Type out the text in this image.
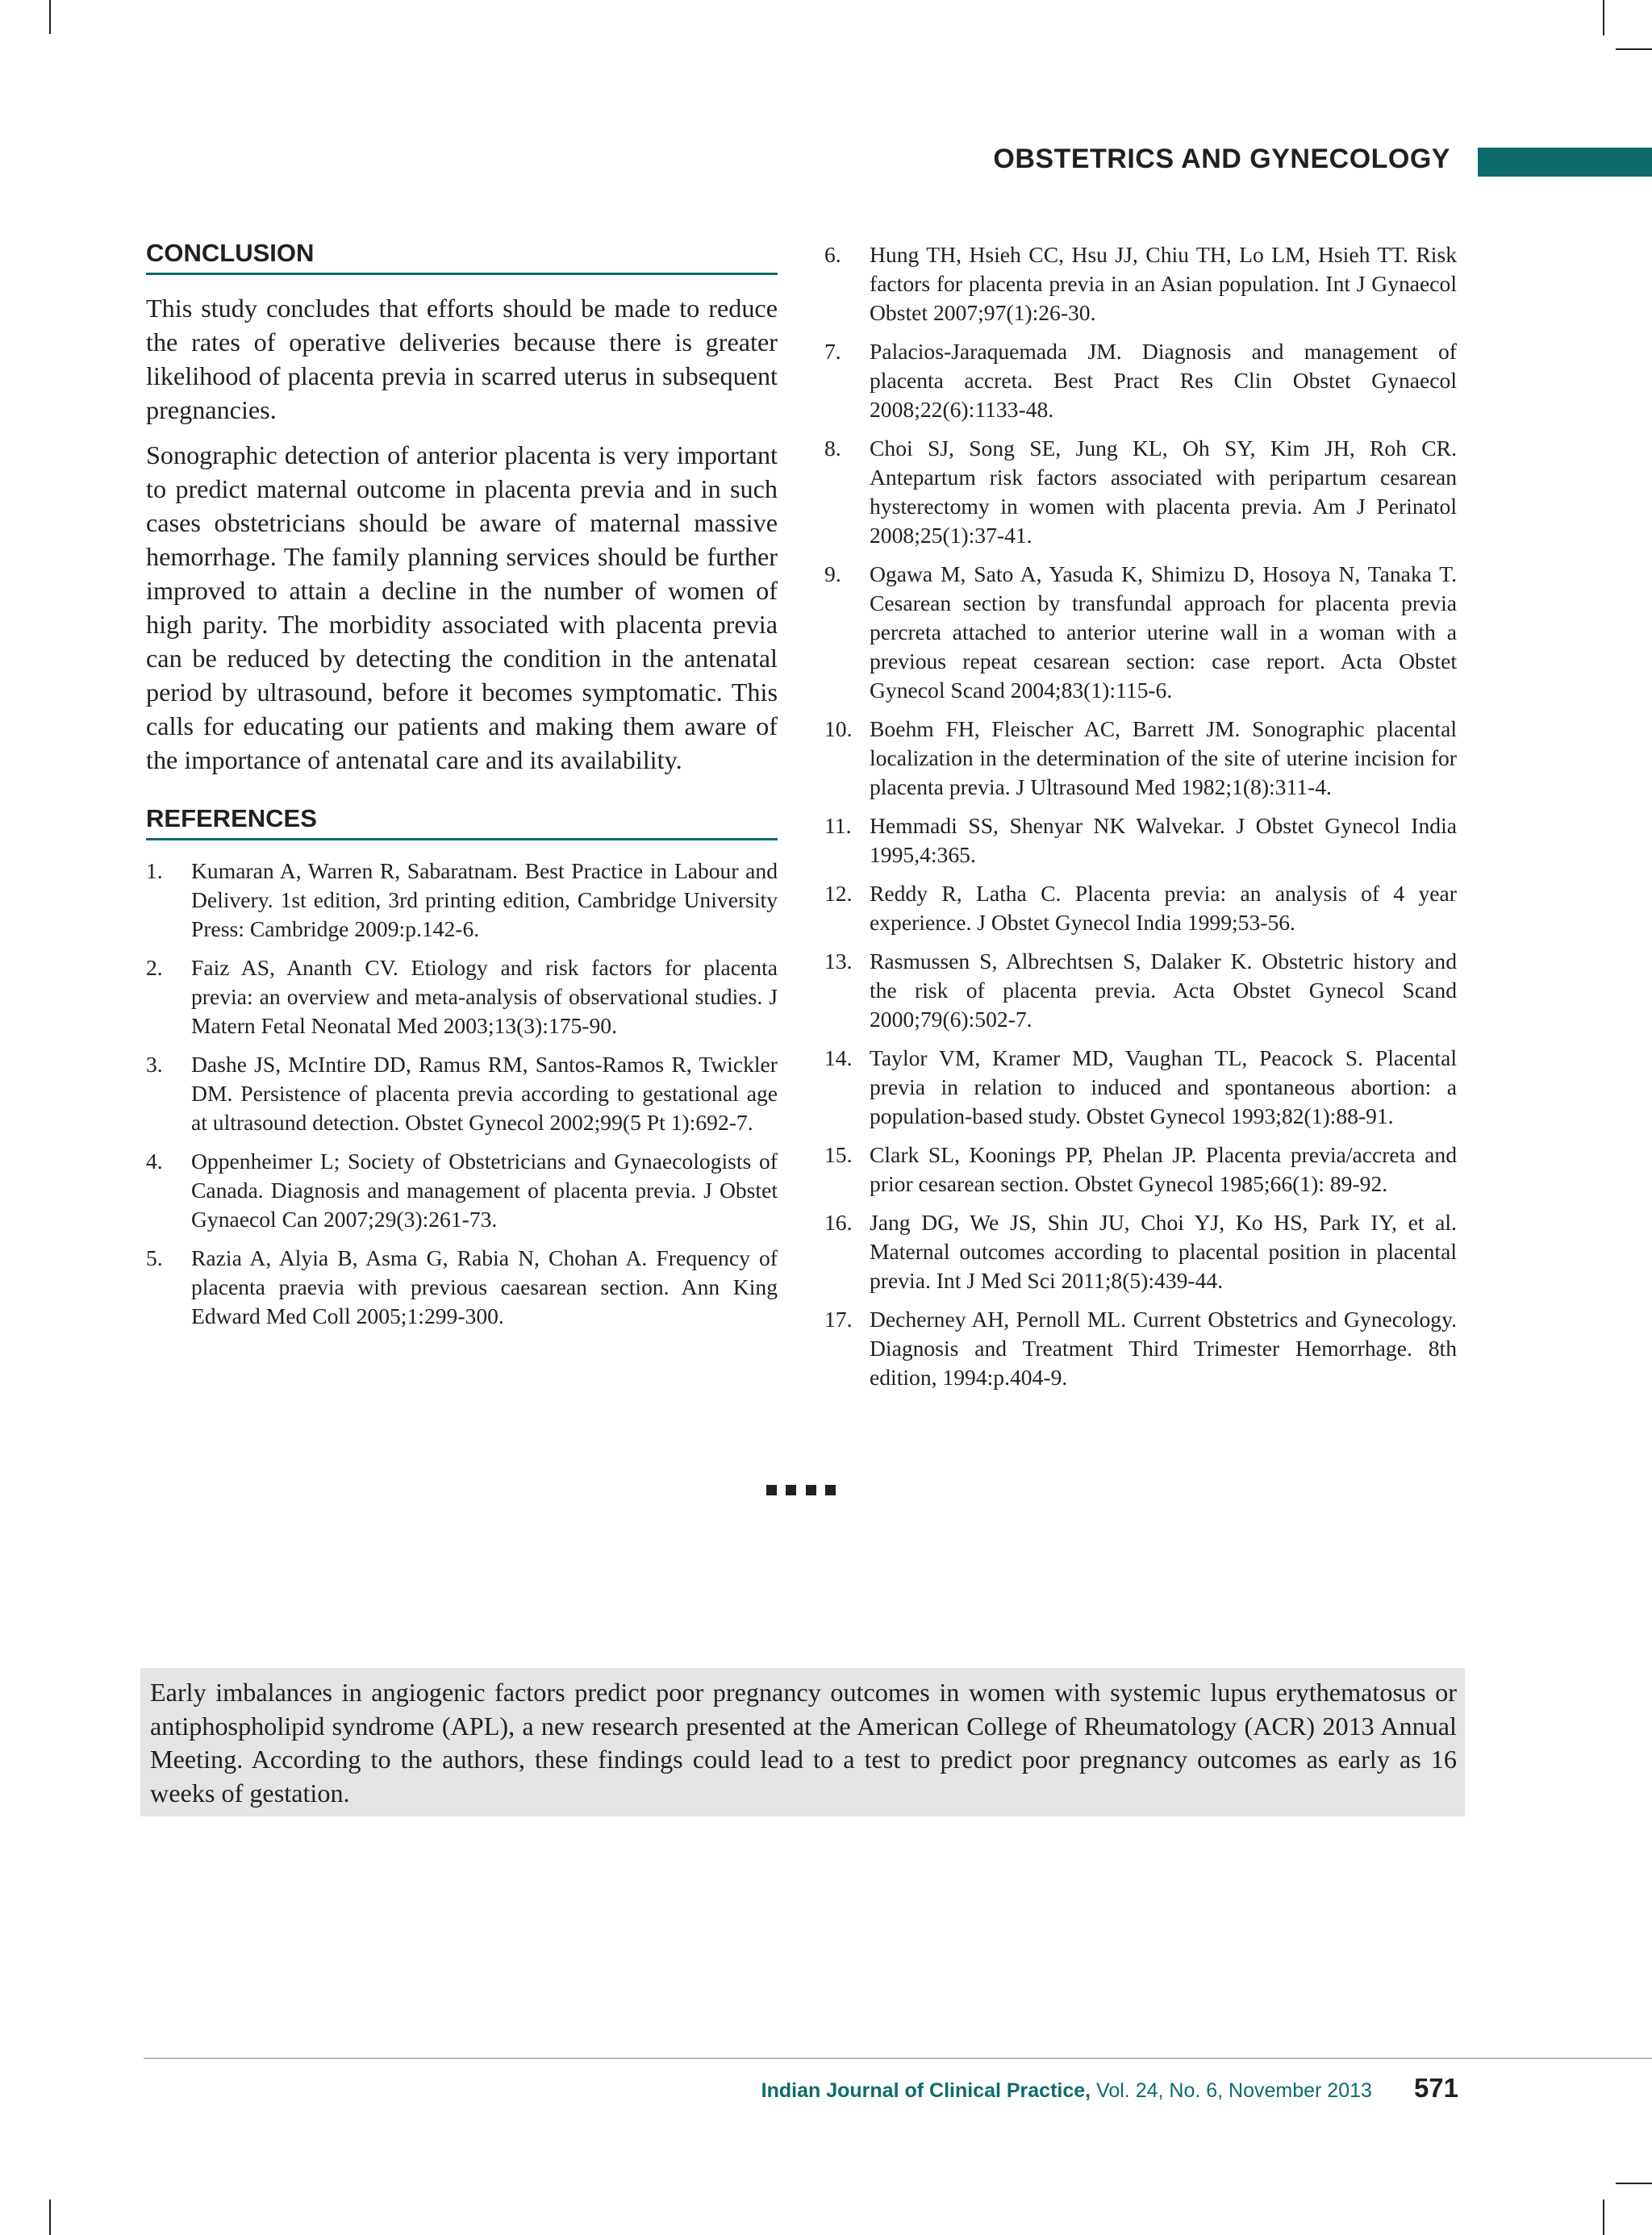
OBSTETRICS AND GYNECOLOGY
CONCLUSION

This study concludes that efforts should be made to reduce the rates of operative deliveries because there is greater likelihood of placenta previa in scarred uterus in subsequent pregnancies.

Sonographic detection of anterior placenta is very important to predict maternal outcome in placenta previa and in such cases obstetricians should be aware of maternal massive hemorrhage. The family planning services should be further improved to attain a decline in the number of women of high parity. The morbidity associated with placenta previa can be reduced by detecting the condition in the antenatal period by ultrasound, before it becomes symptomatic. This calls for educating our patients and making them aware of the importance of antenatal care and its availability.

REFERENCES
1. Kumaran A, Warren R, Sabaratnam. Best Practice in Labour and Delivery. 1st edition, 3rd printing edition, Cambridge University Press: Cambridge 2009:p.142-6.
2. Faiz AS, Ananth CV. Etiology and risk factors for placenta previa: an overview and meta-analysis of observational studies. J Matern Fetal Neonatal Med 2003;13(3):175-90.
3. Dashe JS, McIntire DD, Ramus RM, Santos-Ramos R, Twickler DM. Persistence of placenta previa according to gestational age at ultrasound detection. Obstet Gynecol 2002;99(5 Pt 1):692-7.
4. Oppenheimer L; Society of Obstetricians and Gynaecologists of Canada. Diagnosis and management of placenta previa. J Obstet Gynaecol Can 2007;29(3):261-73.
5. Razia A, Alyia B, Asma G, Rabia N, Chohan A. Frequency of placenta praevia with previous caesarean section. Ann King Edward Med Coll 2005;1:299-300.
6. Hung TH, Hsieh CC, Hsu JJ, Chiu TH, Lo LM, Hsieh TT. Risk factors for placenta previa in an Asian population. Int J Gynaecol Obstet 2007;97(1):26-30.
7. Palacios-Jaraquemada JM. Diagnosis and management of placenta accreta. Best Pract Res Clin Obstet Gynaecol 2008;22(6):1133-48.
8. Choi SJ, Song SE, Jung KL, Oh SY, Kim JH, Roh CR. Antepartum risk factors associated with peripartum cesarean hysterectomy in women with placenta previa. Am J Perinatol 2008;25(1):37-41.
9. Ogawa M, Sato A, Yasuda K, Shimizu D, Hosoya N, Tanaka T. Cesarean section by transfundal approach for placenta previa percreta attached to anterior uterine wall in a woman with a previous repeat cesarean section: case report. Acta Obstet Gynecol Scand 2004;83(1):115-6.
10. Boehm FH, Fleischer AC, Barrett JM. Sonographic placental localization in the determination of the site of uterine incision for placenta previa. J Ultrasound Med 1982;1(8):311-4.
11. Hemmadi SS, Shenyar NK Walvekar. J Obstet Gynecol India 1995,4:365.
12. Reddy R, Latha C. Placenta previa: an analysis of 4 year experience. J Obstet Gynecol India 1999;53-56.
13. Rasmussen S, Albrechtsen S, Dalaker K. Obstetric history and the risk of placenta previa. Acta Obstet Gynecol Scand 2000;79(6):502-7.
14. Taylor VM, Kramer MD, Vaughan TL, Peacock S. Placental previa in relation to induced and spontaneous abortion: a population-based study. Obstet Gynecol 1993;82(1):88-91.
15. Clark SL, Koonings PP, Phelan JP. Placenta previa/accreta and prior cesarean section. Obstet Gynecol 1985;66(1): 89-92.
16. Jang DG, We JS, Shin JU, Choi YJ, Ko HS, Park IY, et al. Maternal outcomes according to placental position in placental previa. Int J Med Sci 2011;8(5):439-44.
17. Decherney AH, Pernoll ML. Current Obstetrics and Gynecology. Diagnosis and Treatment Third Trimester Hemorrhage. 8th edition, 1994:p.404-9.

Early imbalances in angiogenic factors predict poor pregnancy outcomes in women with systemic lupus erythematosus or antiphospholipid syndrome (APL), a new research presented at the American College of Rheumatology (ACR) 2013 Annual Meeting. According to the authors, these findings could lead to a test to predict poor pregnancy outcomes as early as 16 weeks of gestation.

Indian Journal of Clinical Practice, Vol. 24, No. 6, November 2013 571
